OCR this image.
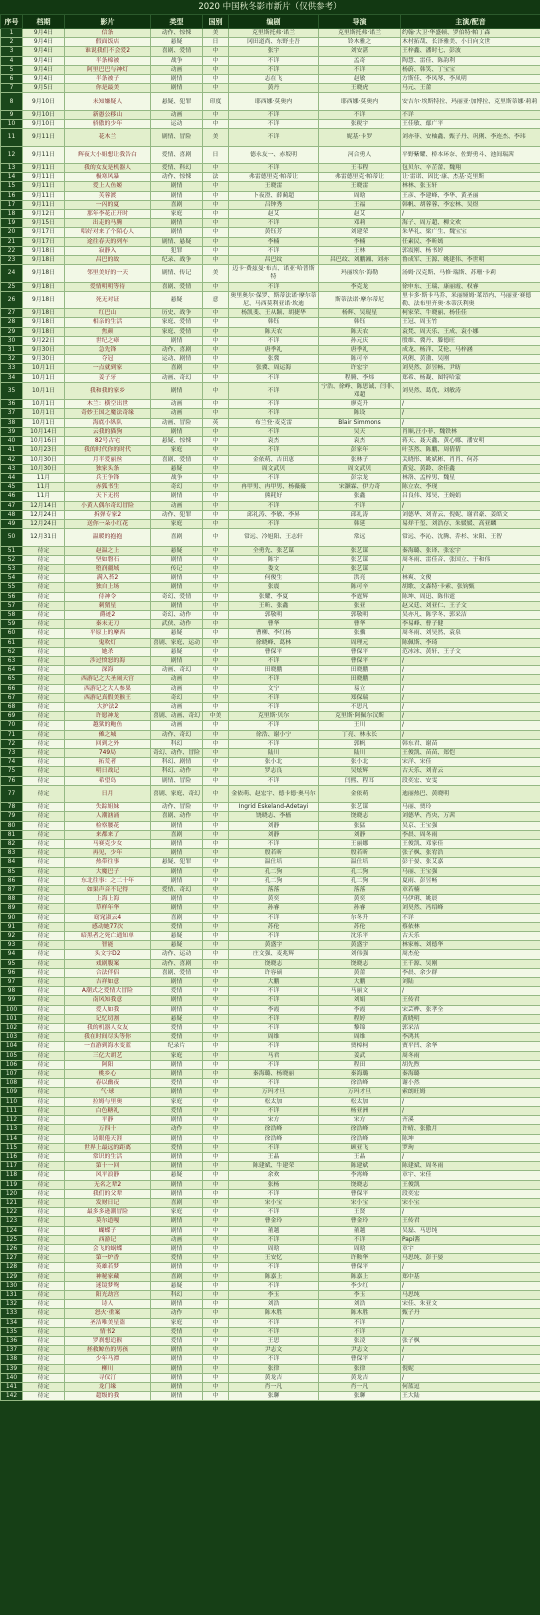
2020 中国秋冬影市新片（仅供参考）
序号	档期	影片	类型	国别	编剧	导演	主演/配音
1	9月4日	信条	动作、惊悚	美	克里斯托弗·诺兰	克里斯托弗·诺兰	约翰·大卫·华盛顿、罗伯特·帕丁森
2	9月4日	假面饭店	悬疑	日	冈田道尚、东野圭吾	铃木雅之	木村拓哉、长泽雅美、小日向文世
3	9月4日	谁说我们不会爱2	喜剧、爱情	中	张宇	刘安湛	王梓鑫、潘时七、彭波
4	9月4日	半条棉被	战争	中	不详	孟奇	陶慧、雷佳、陈韵利
5	9月4日	阿里巴巴与神灯	动画	中	不详	不详	杨蔚、韩笑、丁宝宝
6	9月4日	半条被子	剧情	中	志在飞	赵敏	方斯佳、李凤琴、李凤明
7	9月5日	你是最美	剧情	中	黄丹	王晓虎	马元、王蕾
8	9月10日	未知嫌疑人	悬疑、犯罪	印度	耶西娜·莫奥内	耶西娜·莫奥内	安吉尔·埃斯特拉、玛丽亚·加博拉、克里斯蒂娜·莉莉
9	9月10日	新愚公移山	动画	中	不详	不详	不详
10	9月10日	骄傲的少年	运动	中	不详	张税宇	王佳敏、鄢广平
11	9月11日	花木兰	剧情、冒险	美	不详	妮基·卡罗	刘亦菲、安柚鑫、甄子丹、巩俐、李连杰、李玮
12	9月11日	辉夜大小姐想让我告白	爱情、喜剧	日	德永友一、赤坂明	河合勇人	平野紫耀、桥本环奈、佐野勇斗、池间瑞茜
13	9月11日	我的女友是机器人	爱情、科幻	中	不详	王韦程	包贝尔、辛芷蕾、魏翔
14	9月11日	极寒风暴	动作、惊悚	法	弗雷德里克·帕蒂让	弗雷德里克·帕蒂让	让·雷诺、因比·康、杰基·克里斯
15	9月11日	爱上人鱼姬	剧情	中	王晓雷	王晓雷	林林、张玉轩
16	9月11日	芙蓉渡	剧情	中	卜夜澄、薛蔺超	周晗	王彦、李建峰、李华、黄圣丽
17	9月11日	一闪的夏	喜剧	中	吕钟秀	王福	韩帆、胡蓉蓉、李宏林、吴煜
18	9月12日	那年李花正开时	家庭	中	赵艾	赵艾	/
19	9月15日	出走的马腾	剧情	中	不详	邓莉	海子、周万超、柳文欢
20	9月17日	唱好对来了个陌心人	剧情	中	黄钰芳	刘建荣	朱华礼、梁广生、魏宝宝
21	9月17日	途往春天的列车	剧情、悬疑	中	李楠	李楠	任素民、李昕嫣
22	9月18日	寂静入	犯罪	中	不详	王林	郭震刚、杨书婷
23	9月18日	昌巴的故	纪录、战争	中	昌巴纹	昌巴纹、刘鹏湘、刘亦	鲁成军、王源、姚建伟、李世明
24	9月18日	邻里美好的一天	剧情、传记	美	迈卡·费兹曼·布吉、诺亚·哈普斯特	玛丽埃尔·海勒	汤姆·汉克斯、马修·瑞斯、苏珊·卡莉
25	9月18日	爱情明明等待	喜剧、爱情	中	不详	李克龙	徐申东、王瑞、康丽霞、权睿
26	9月18日	死无对证	悬疑	意	奥里奥尔·保罗、斯蒂法诺·摩尔蒂尼、马西莫利亚诺·坎迪	斯蒂法诺·摩尔蒂尼	里卡多·斯卡马乔、米丽娅姆·莱昂内、马丽亚·赛德勒、法布里齐奥·本蒂沃利奥
27	9月18日	红巴山	历史、战争	中	杨凯斐、王从颖、胡捷华	杨辉、吴琨星	柯家荣、牛晓丽、杨佳佳
28	9月18日	相亲的生活	家庭、爱情	中	韩钰	韩钰	王冠、周玉竹
29	9月18日	焦颜	家庭、爱情	中	陈天农	陈天农	袁梵、周天乐、王成、袁小娜
30	9月22日	世纪之瘴	剧情	中	不详	孙元庆	殷维、冀丹、滕德旺
31	9月30日	急先锋	动作、喜剧	中	唐季礼	唐季礼	成龙、杨洋、艾伦、马梓涵
32	9月30日	夺冠	运动、剧情	中	张冀	陈可辛	巩俐、黄渤、吴刚
33	10月1日	一点就到家	喜剧	中	张冀、周运海	许宏宇	刘昊然、彭昱畅、尹昉
34	10月1日	姜子牙	动画、奇幻	中	不详	程腾、李炜	郑希、杨凝、图特哈蒙
35	10月1日	我和我的家乡	剧情	中	不详	宁浩、徐峥、陈思诚、闫非、邓超	刘昊然、葛优、刘敏涛
36	10月1日	木兰：横空出世	动画	中	不详	廖克升	/
37	10月1日	奇妙王国之魔法奇缘	动画	中	不详	陈设	/
38	10月1日	海底小纵队	动画、冒险	英	布兰登·麦克雷	Blair Simmons	/
39	10月14日	云我的猫狗	剧情	中	不详	吴天	肖顺,汪小菲、魏铁林
40	10月16日	82号古宅	悬疑、惊悚	中	袁杰	袁杰	蒋天、聂天鑫、黄心娜、潘安明
41	10月23日	我的时代你的时代	家庭	中	不详	彭家年	叶茎然、陈鹏、周倩倩
42	10月30日	月半爱丽丝	喜剧、爱情	中	金依萌、吉田恵	张林子	关晓彤、姚斌彬、肖肖、何苏
43	10月30日	独家头条	悬疑	中	周文武贝	周文武贝	黄觉、黄龄、余佳鑫
44	11月	兵王争锋	战争	中	不详	彭宗龙	林洛、孟梓男、魏星
45	11月	赤狐书生	奇幻	中	冉甲男、冉甲男、杨薇薇	宋灏霖、伊力奇	陈立农、李现
46	11月	天下无拐	剧情	中	熊耗好	张鑫	吕良伟、郑昊、王婉娟
47	12月14日	小黄人偶尔奇幻冒险	动画	中	不详	不详	/
48	12月24日	拆弹专家2	动作、犯罪	中	邱礼涛、李敏、李昇	邱礼涛	刘德华、刘青云、倪妮、谢君豪、姜皓文
49	12月24日	送你一朵小红花	家庭	中	不详	韩延	易烊千玺、刘浩存、朱媛媛、高亚麟
50	12月31日	温暖的抱抱	喜剧	中	常远、冷旭阳、王志轩	常远	常远、李沁、沈腾、乔杉、宋阳、王智
51	待定	赵温之上	悬疑	中	全勇先、张艺谋	张艺谋	秦海璐、张译、张宏宇
52	待定	坚如磐石	剧情	中	陈宇	张艺谋	周冬雨、雷佳音、张国立、于和伟
53	待定	堕润疆域	传记	中	娄文	张艺谋	/
54	待定	满入苔2	剧情	中	何俊生	洪亮	林爽、文俊
55	待定	独自上场	剧情	中	张震	陈可辛	胡歌、文森特·卡索、张钧甄
56	待定	侍神令	奇幻、爱情	中	张耀、李夏	李霆辉	陈坤、周迅、陈伟霆
57	待定	刺猬星	剧情	中	王昕、张鑫	张亚	赵又廷、刘亚仁、王子文
58	待定	爵迹2	奇幻、动作	中	郭敬明	郭敬明	吴亦凡、陈学冬、郭采洁
59	待定	秦末无刀	武侠、动作	中	曹华	曹华	李易峰、曹子健
60	待定	平原上的摩西	悬疑	中	曹柳、李红杨	张骥	周冬雨、刘昊然、袁泉
61	待定	鬼吹灯	喜剧、家庭、运动	中	徐晓峰、葛林	周理元	陈佩斯、李琦
62	待定	她杀	悬疑	中	曹保平	曹保平	范冰冰、黄轩、王子文
63	待定	涉过愤怒的海	剧情	中	不详	曹保平	/
64	待定	深海	动画、奇幻	中	田晓鹏	田晓鹏	/
65	待定	西游记之大圣闹天宫	动画	中	不详	田晓鹏	/
66	待定	西游记之大人参果	动画	中	文宁	易立	/
67	待定	西游记真假美猴王	奇幻	中	不详	郑保瑞	/
68	待定	大护法2	动画	中	不详	不思凡	/
69	待定	许愿神龙	喜剧、动画、奇幻	中美	克里斯·贝尔	克里斯·阿佩尔汉斯	/
70	待定	越狱的鲍鱼	动画	中	不详	王川	/
71	待定	傩之城	动作、奇幻	中	徐浩、谢小宁	丁亮、林永长	/
72	待定	回到之外	科幻	中	不详	郭帆	韩东君、谢苗
73	待定	749局	奇幻、动作、冒险	中	陆川	陆川	王俊凯、苗苗、郑恺
74	待定	拓荒者	科幻、剧情	中	张小北	张小北	宋洋、宋佳
75	待定	明日战记	科幻、动作	中	罗志良	吴炫辉	古天乐、刘青云
76	待定	希望岛	剧情、冒险	中	不详	闫熙、程耳	段奕宏、安雯
77	待定	日月	喜剧、家庭、奇幻	中	金依萌、赵宏宇、德卡德·奥马尔	金依萌	迪丽热巴、黄晓明
78	待定	失踪姐妹	动作、冒险	中	Ingrid Eskeland-Adetayi	张艺谋	马丽、贾玲
79	待定	人潮汹涌	喜剧、动作	中	饶晓志、李樯	饶晓志	刘德华、肖央、万茜
80	待定	检察腰花	剧情	中	刘静	张猛	吴京、王宝强
81	待定	来都来了	喜剧	中	刘静	刘静	李晨、周冬雨
82	待定	马赛克少女	剧情	中	不详	王丽娜	王俊凯、邓家佳
83	待定	再见，少年	剧情	中	殷若昕	殷若昕	张子枫、张宥浩
84	待定	热带往事	悬疑、犯罪	中	温仕培	温仕培	彭于晏、张艾嘉
85	待定	大魔巴子	剧情	中	孔二狗	孔二狗	马丽、王宝强
86	待定	东北往事：之二十年	剧情	中	孔二狗	孔二狗	夏雨、彭昱畅
87	待定	如果声音不记得	爱情、奇幻	中	落落	落落	章若楠
88	待定	上海上海	剧情	中	黄奕	黄奕	马伊琍、姚晨
89	待定	草样年华	剧情	中	孙睿	孙睿	刘昊然、冯绍峰
90	待定	窈窕淑云4	喜剧	中	不详	尔冬升	不详
91	待定	感动她77次	爱情	中	苏伦	苏伦	蔡依林
92	待定	暗黑者之死亡通知单	悬疑	中	不详	沈乐平	古天乐
93	待定	智能	悬疑	中	黄盛宇	黄盛宇	林家栋、刘德华
94	待定	头文字D2	动作、运动	中	庄文强、麦兆辉	刘伟强	周杰伦
95	待定	戏剧腹案	动作、喜剧	中	饶晓志	饶晓志	王千源、吴刚
96	待定	合法伴侣	喜剧、爱情	中	许容硕	黄蕾	李晨、余少群
97	待定	吉祥如意	剧情	中	大鹏	大鹏	刘陆
98	待定	A潮式之爱情大冒险	爱情	中	不详	马丽文	/
99	待定	南风知我意	剧情	中	不详	刘娟	王传君
100	待定	爱人如我	剧情	中	李霞	李霞	宋芸桦、张孝全
101	待定	记忆切割	悬疑	中	不详	程婷	黄晓明
102	待定	我的机器人女友	爱情	中	不详	黎锦	郭采洁
103	待定	我在时间尽头等你	爱情	中	周维	周维	李鸿其
104	待定	一直游到海水变蓝	纪录片	中	不详	贾樟柯	贾平凹、余华
105	待定	三亿大胡艺	家庭	中	马君	姜武	周冬雨
106	待定	阿阳	剧情	中	不详	程田	胡先煦
107	待定	桃乡心	剧情	中	秦海璐、杨晓丽	秦海璐	秦海璐
108	待定	春以幽夜	爱情	中	不详	徐浩峰	谢小然
109	待定	气·球	剧情	中	万玛才旦	万玛才旦	索朗旺姆
110	待定	拉姆与里奥	家庭	中	松太加	松太加	/
111	待定	白色糖礼	爱情	中	不详	杨亚洲	/
112	待定	平静	剧情	中	宋方	宋方	齐溪
113	待定	万四十	动作	中	徐浩峰	徐浩峰	许晴、张傲月
114	待定	诗眼倦天涯	剧情	中	徐浩峰	徐浩峰	陈坤
115	待定	世界上最远的距离	爱情	中	不详	顾亚飞	罗珣
116	待定	常识的生活	剧情	中	王晶	王晶	/
117	待定	第十一回	剧情	中	陈建斌、牛建荣	陈建斌	陈建斌、周冬雨
118	待定	风平浪静	悬疑	中	余欢	李霄峰	章宇、宋佳
119	待定	无名之辈2	剧情	中	张杨	饶晓志	王俊凯
120	待定	我们的父辈	剧情	中	不详	曹保平	段奕宏
121	待定	发财日记	喜剧	中	宋小宝	宋小宝	宋小宝
122	待定	最多多逊潮冒险	家庭	中	不详	王贤	/
123	待定	莫尔道嘎	剧情	中	曹金玲	曹金玲	王传君
124	待定	蝴蝶子	剧情	中	董越	董越	吴磊、马思纯
125	待定	西游记	动画	中	不详	不详	Papi酱
126	待定	会飞的蜗蝶	剧情	中	周晗	周晗	章宇
127	待定	第一炉香	爱情	中	王安忆	许鞍华	马思纯、彭于晏
128	待定	英雄若梦	剧情	中	不详	曹保平	/
129	待定	神秘家藏	喜剧	中	陈嘉上	陈嘉上	郑中基
130	待定	迷镜梦鸳	悬疑	中	不详	李少红	/
131	待定	阳光劫宫	科幻	中	李玉	李玉	马思纯
132	待定	诗人	剧情	中	刘浩	刘浩	宋佳、朱亚文
133	待定	怒火·重案	动作	中	陈木胜	陈木胜	甄子丹
134	待定	圣洁唯美星盗	家庭	中	不详	不详	/
135	待定	情书2	爱情	中	不详	不详	/
136	待定	罗刹想追猴	爱情	中	王思	张凌	张子枫
137	待定	拯救鲸鱼的男孩	剧情	中	尹志文	尹志文	/
138	待定	少年马潭	剧情	中	不详	曹保平	/
139	待定	柳川	剧情	中	张律	张律	倪妮
140	待定	寻仪汀	剧情	中	黄龙吉	黄龙吉	/
141	待定	龙门缘	剧情	中	肖一凡	肖一凡	何蓝逗
142	待定	超级的我	剧情	中	张聊	张聊	王大陆
